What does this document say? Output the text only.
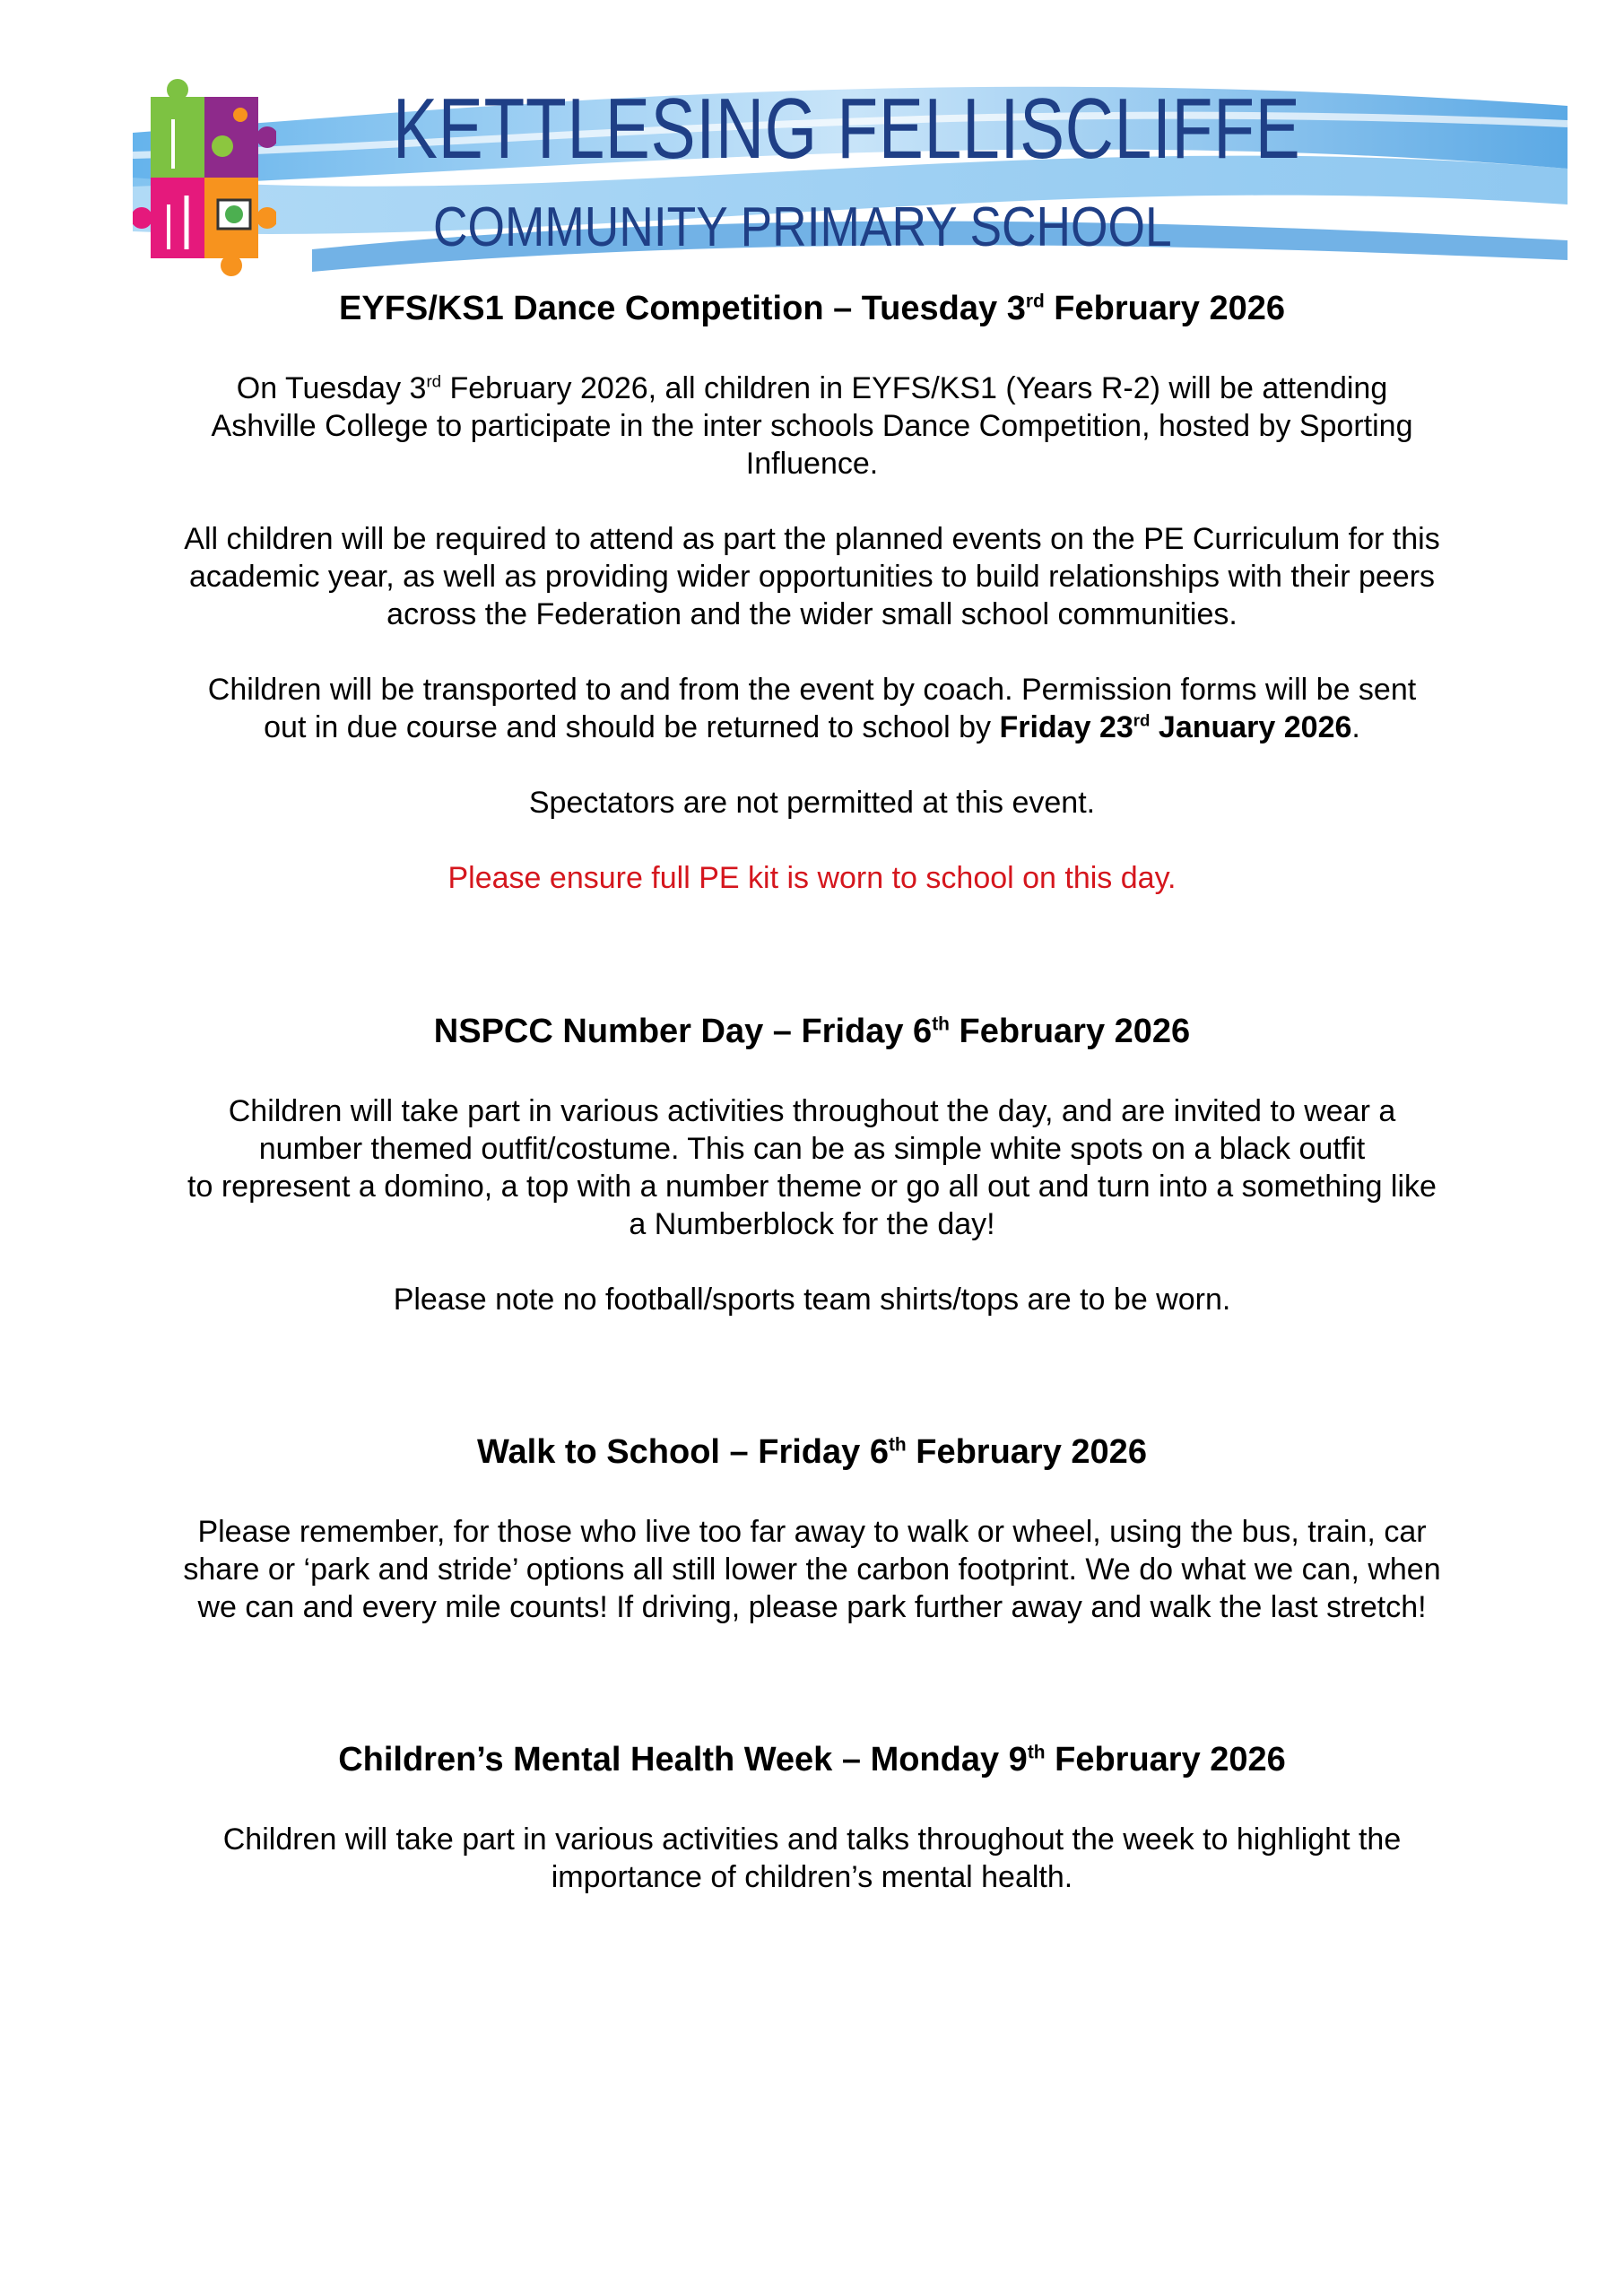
KETTLESING FELLISCLIFFE
COMMUNITY PRIMARY SCHOOL
EYFS/KS1 Dance Competition – Tuesday 3rd February 2026
On Tuesday 3rd February 2026, all children in EYFS/KS1 (Years R-2) will be attending
Ashville College to participate in the inter schools Dance Competition, hosted by Sporting
Influence.
All children will be required to attend as part the planned events on the PE Curriculum for this
academic year, as well as providing wider opportunities to build relationships with their peers
across the Federation and the wider small school communities.
Children will be transported to and from the event by coach. Permission forms will be sent
out in due course and should be returned to school by Friday 23rd January 2026.
Spectators are not permitted at this event.
Please ensure full PE kit is worn to school on this day.
NSPCC Number Day – Friday 6th February 2026
Children will take part in various activities throughout the day, and are invited to wear a
number themed outfit/costume. This can be as simple white spots on a black outfit
to represent a domino, a top with a number theme or go all out and turn into a something like
a Numberblock for the day!
Please note no football/sports team shirts/tops are to be worn.
Walk to School – Friday 6th February 2026
Please remember, for those who live too far away to walk or wheel, using the bus, train, car
share or ‘park and stride’ options all still lower the carbon footprint. We do what we can, when
we can and every mile counts! If driving, please park further away and walk the last stretch!
Children’s Mental Health Week – Monday 9th February 2026
Children will take part in various activities and talks throughout the week to highlight the
importance of children’s mental health.
